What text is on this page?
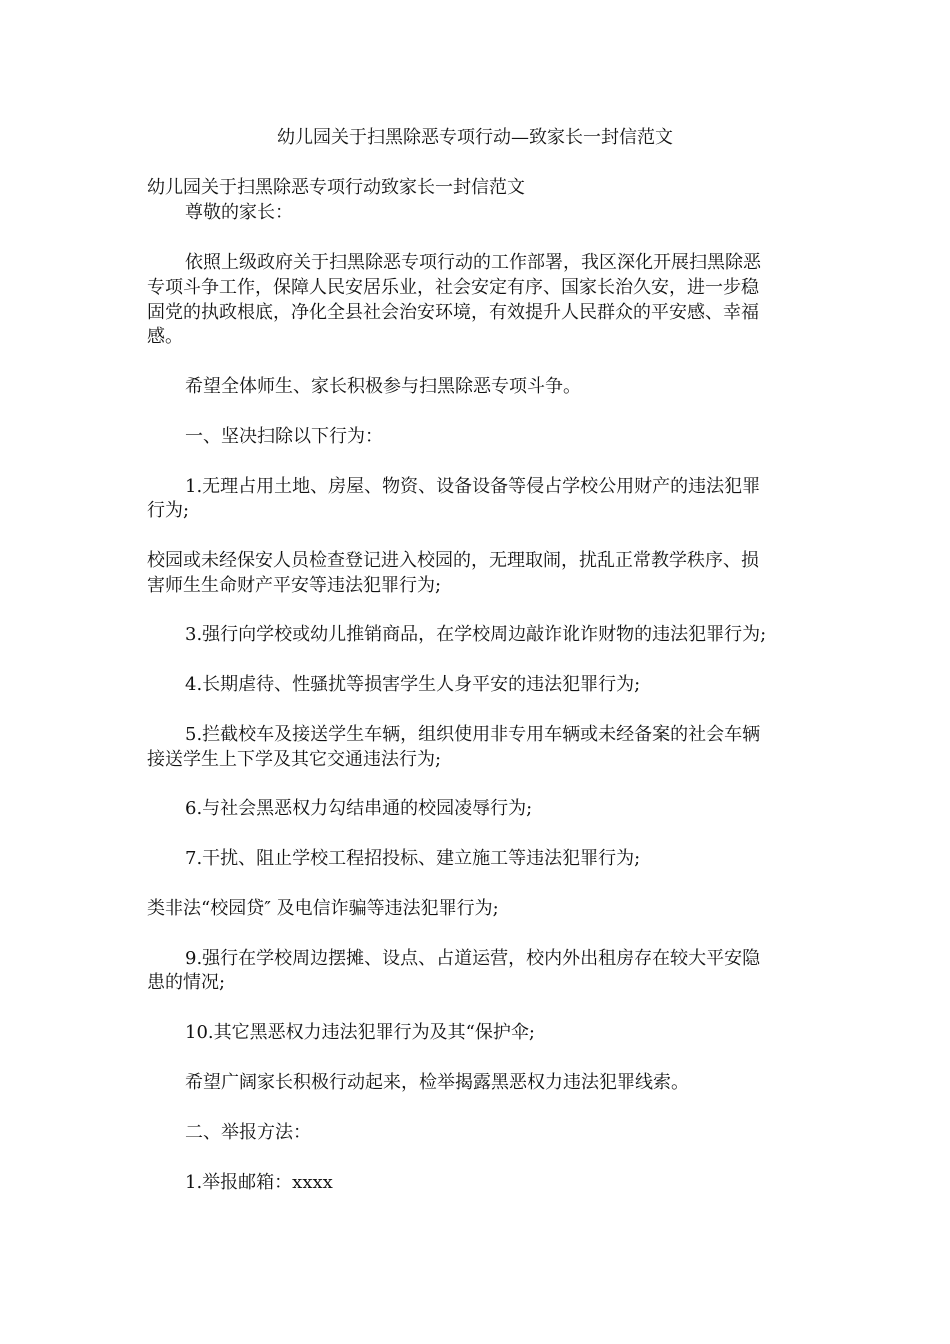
幼儿园关于扫黑除恶专项行动—致家长一封信范文
幼儿园关于扫黑除恶专项行动致家长一封信范文
尊敬的家长：
依照上级政府关于扫黑除恶专项行动的工作部署，我区深化开展扫黑除恶
专项斗争工作，保障人民安居乐业，社会安定有序、国家长治久安，进一步稳
固党的执政根底，净化全县社会治安环境，有效提升人民群众的平安感、幸福
感。
希望全体师生、家长积极参与扫黑除恶专项斗争。
一、坚决扫除以下行为：
1.无理占用土地、房屋、物资、设备设备等侵占学校公用财产的违法犯罪
行为;
校园或未经保安人员检查登记进入校园的，无理取闹，扰乱正常教学秩序、损
害师生生命财产平安等违法犯罪行为;
3.强行向学校或幼儿推销商品，在学校周边敲诈讹诈财物的违法犯罪行为;
4.长期虐待、性骚扰等损害学生人身平安的违法犯罪行为;
5.拦截校车及接送学生车辆，组织使用非专用车辆或未经备案的社会车辆
接送学生上下学及其它交通违法行为;
6.与社会黑恶权力勾结串通的校园凌辱行为;
7.干扰、阻止学校工程招投标、建立施工等违法犯罪行为;
类非法“校园贷″ 及电信诈骗等违法犯罪行为;
9.强行在学校周边摆摊、设点、占道运营，校内外出租房存在较大平安隐
患的情况;
10.其它黑恶权力违法犯罪行为及其“保护伞;
希望广阔家长积极行动起来，检举揭露黑恶权力违法犯罪线索。
二、举报方法：
1.举报邮箱：xxxx
